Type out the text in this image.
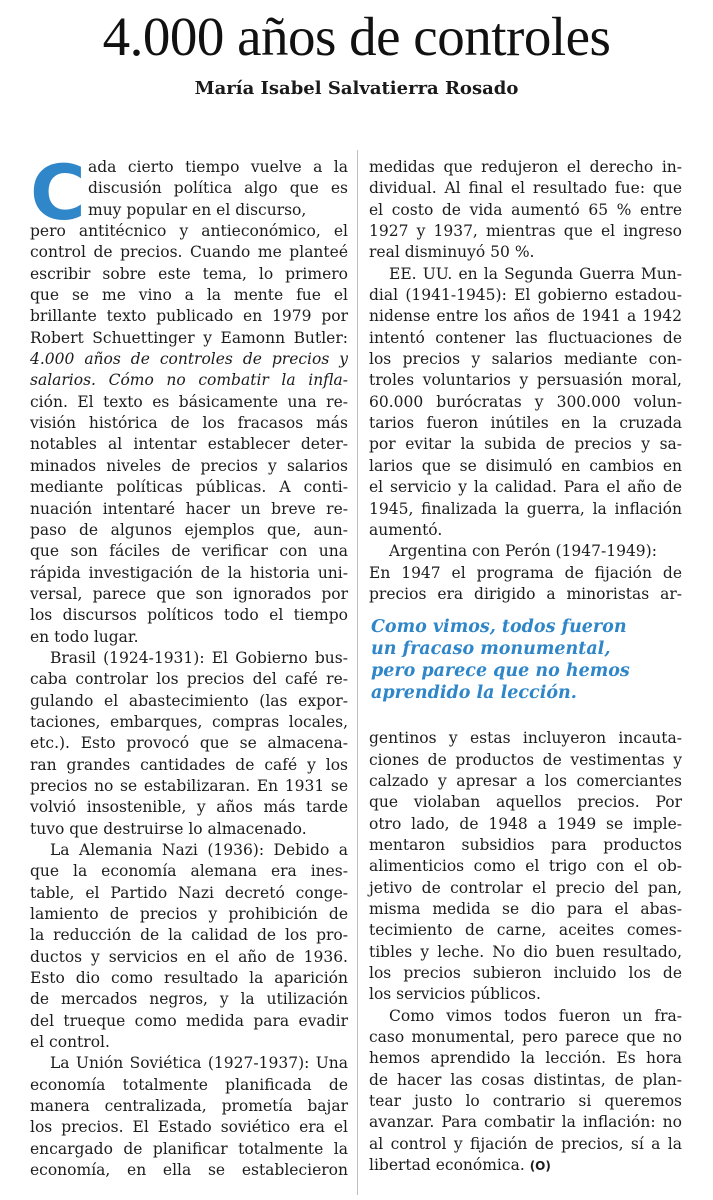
4.000 años de controles
María Isabel Salvatierra Rosado
C ada cierto tiempo vuelve a la
discusión política algo que es
muy popular en el discurso,
pero antitécnico y antieconómico, el
control de precios. Cuando me planteé
escribir sobre este tema, lo primero
que se me vino a la mente fue el
brillante texto publicado en 1979 por
Robert Schuettinger y Eamonn Butler:
4.000 años de controles de precios y
salarios. Cómo no combatir la infla-
ción. El texto es básicamente una re-
visión histórica de los fracasos más
notables al intentar establecer deter-
minados niveles de precios y salarios
mediante políticas públicas. A conti-
nuación intentaré hacer un breve re-
paso de algunos ejemplos que, aun-
que son fáciles de verificar con una
rápida investigación de la historia uni-
versal, parece que son ignorados por
los discursos políticos todo el tiempo
en todo lugar.
Brasil (1924-1931): El Gobierno bus-
caba controlar los precios del café re-
gulando el abastecimiento (las expor-
taciones, embarques, compras locales,
etc.). Esto provocó que se almacena-
ran grandes cantidades de café y los
precios no se estabilizaran. En 1931 se
volvió insostenible, y años más tarde
tuvo que destruirse lo almacenado.
La Alemania Nazi (1936): Debido a
que la economía alemana era ines-
table, el Partido Nazi decretó conge-
lamiento de precios y prohibición de
la reducción de la calidad de los pro-
ductos y servicios en el año de 1936.
Esto dio como resultado la aparición
de mercados negros, y la utilización
del trueque como medida para evadir
el control.
La Unión Soviética (1927-1937): Una
economía totalmente planificada de
manera centralizada, prometía bajar
los precios. El Estado soviético era el
encargado de planificar totalmente la
economía, en ella se establecieron
medidas que redujeron el derecho in-
dividual. Al final el resultado fue: que
el costo de vida aumentó 65 % entre
1927 y 1937, mientras que el ingreso
real disminuyó 50 %.
EE. UU. en la Segunda Guerra Mun-
dial (1941-1945): El gobierno estadou-
nidense entre los años de 1941 a 1942
intentó contener las fluctuaciones de
los precios y salarios mediante con-
troles voluntarios y persuasión moral,
60.000 burócratas y 300.000 volun-
tarios fueron inútiles en la cruzada
por evitar la subida de precios y sa-
larios que se disimuló en cambios en
el servicio y la calidad. Para el año de
1945, finalizada la guerra, la inflación
aumentó.
Argentina con Perón (1947-1949):
En 1947 el programa de fijación de
precios era dirigido a minoristas ar-
Como vimos, todos fueron
un fracaso monumental,
pero parece que no hemos
aprendido la lección.
gentinos y estas incluyeron incauta-
ciones de productos de vestimentas y
calzado y apresar a los comerciantes
que violaban aquellos precios. Por
otro lado, de 1948 a 1949 se imple-
mentaron subsidios para productos
alimenticios como el trigo con el ob-
jetivo de controlar el precio del pan,
misma medida se dio para el abas-
tecimiento de carne, aceites comes-
tibles y leche. No dio buen resultado,
los precios subieron incluido los de
los servicios públicos.
Como vimos todos fueron un fra-
caso monumental, pero parece que no
hemos aprendido la lección. Es hora
de hacer las cosas distintas, de plan-
tear justo lo contrario si queremos
avanzar. Para combatir la inflación: no
al control y fijación de precios, sí a la
libertad económica. (O)
